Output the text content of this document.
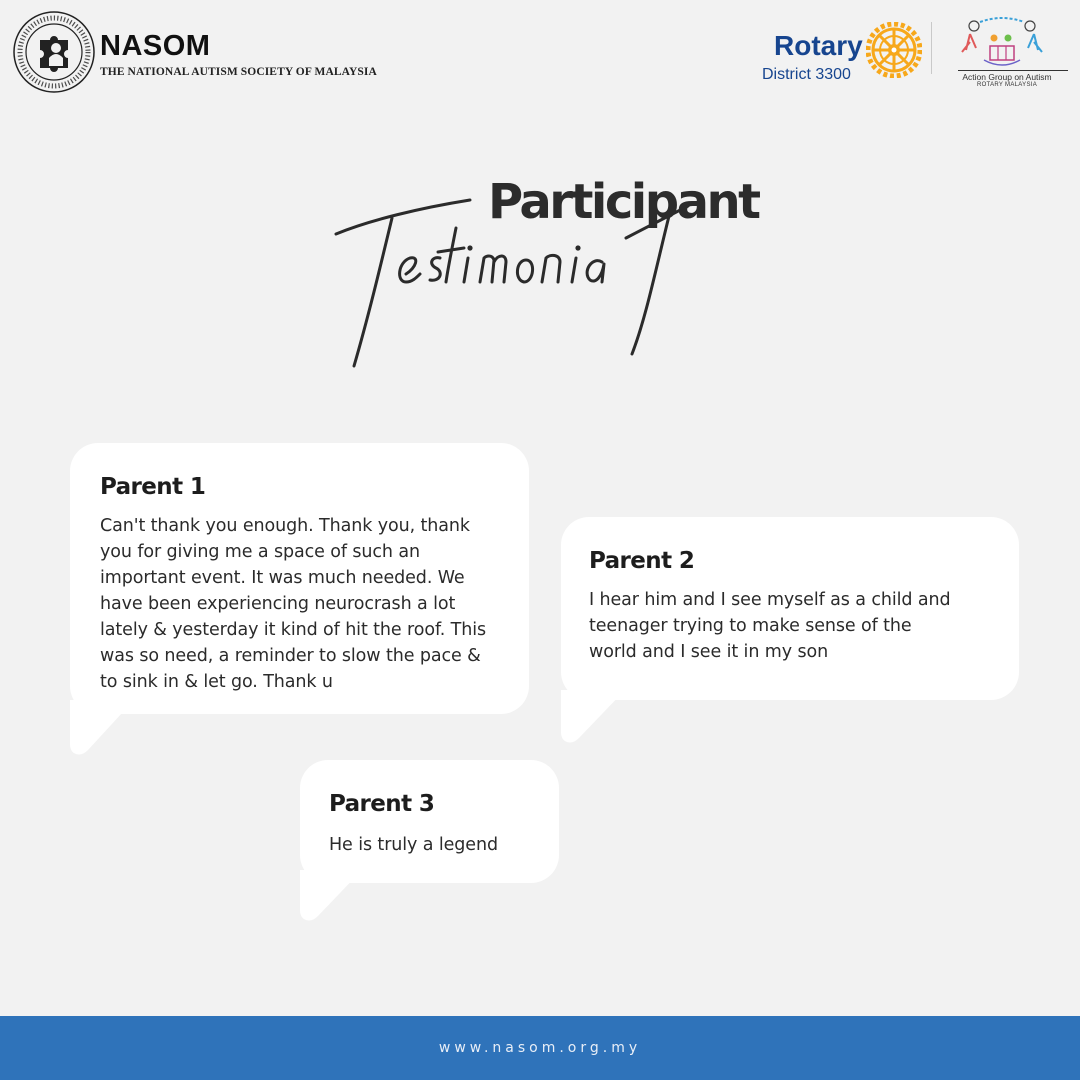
NASOM
THE NATIONAL AUTISM SOCIETY OF MALAYSIA
Rotary
District 3300	Action Group on Autism
ROTARY MALAYSIA
Participant
Parent 1
Can't thank you enough. Thank you, thank
you for giving me a space of such an
important event. It was much needed. We
have been experiencing neurocrash a lot
lately & yesterday it kind of hit the roof. This
was so need, a reminder to slow the pace &
to sink in & let go. Thank u
Parent 2
I hear him and I see myself as a child and
teenager trying to make sense of the
world and I see it in my son
Parent 3
He is truly a legend
www.nasom.org.my
